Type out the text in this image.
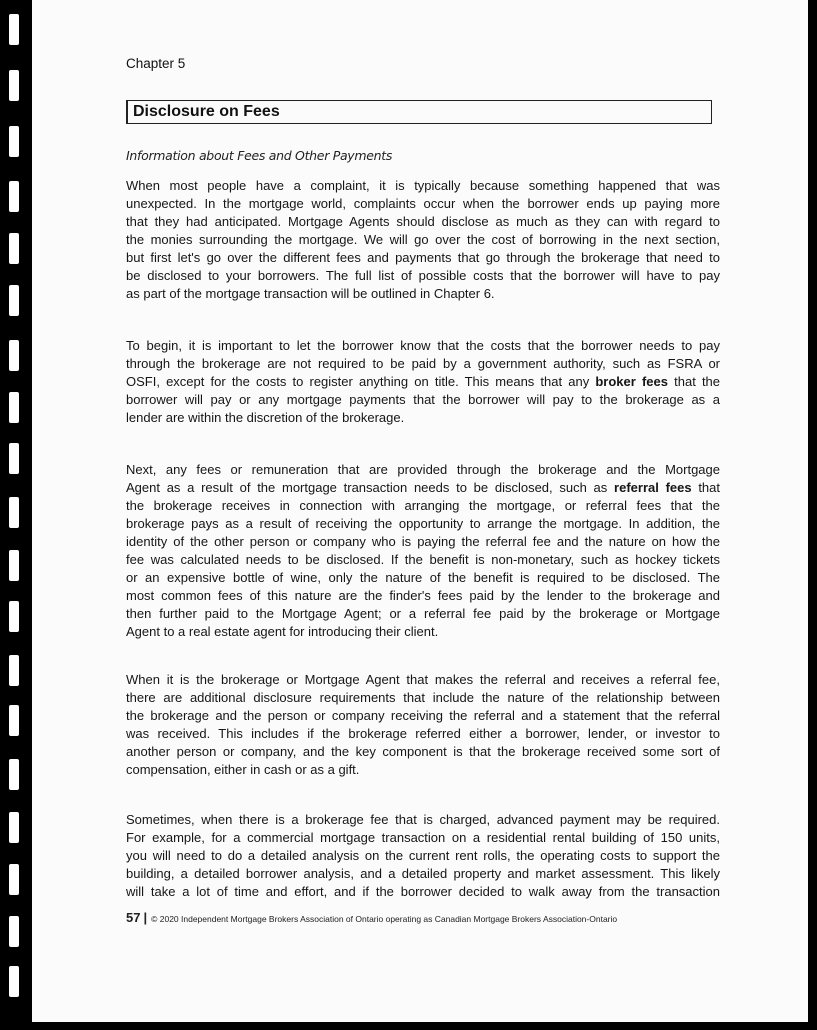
Chapter 5
Disclosure on Fees
Information about Fees and Other Payments
When most people have a complaint, it is typically because something happened that was
unexpected. In the mortgage world, complaints occur when the borrower ends up paying more
that they had anticipated. Mortgage Agents should disclose as much as they can with regard to
the monies surrounding the mortgage. We will go over the cost of borrowing in the next section,
but first let's go over the different fees and payments that go through the brokerage that need to
be disclosed to your borrowers. The full list of possible costs that the borrower will have to pay
as part of the mortgage transaction will be outlined in Chapter 6.
To begin, it is important to let the borrower know that the costs that the borrower needs to pay
through the brokerage are not required to be paid by a government authority, such as FSRA or
OSFI, except for the costs to register anything on title. This means that any broker fees that the
borrower will pay or any mortgage payments that the borrower will pay to the brokerage as a
lender are within the discretion of the brokerage.
Next, any fees or remuneration that are provided through the brokerage and the Mortgage
Agent as a result of the mortgage transaction needs to be disclosed, such as referral fees that
the brokerage receives in connection with arranging the mortgage, or referral fees that the
brokerage pays as a result of receiving the opportunity to arrange the mortgage. In addition, the
identity of the other person or company who is paying the referral fee and the nature on how the
fee was calculated needs to be disclosed. If the benefit is non-monetary, such as hockey tickets
or an expensive bottle of wine, only the nature of the benefit is required to be disclosed. The
most common fees of this nature are the finder's fees paid by the lender to the brokerage and
then further paid to the Mortgage Agent; or a referral fee paid by the brokerage or Mortgage
Agent to a real estate agent for introducing their client.
When it is the brokerage or Mortgage Agent that makes the referral and receives a referral fee,
there are additional disclosure requirements that include the nature of the relationship between
the brokerage and the person or company receiving the referral and a statement that the referral
was received. This includes if the brokerage referred either a borrower, lender, or investor to
another person or company, and the key component is that the brokerage received some sort of
compensation, either in cash or as a gift.
Sometimes, when there is a brokerage fee that is charged, advanced payment may be required.
For example, for a commercial mortgage transaction on a residential rental building of 150 units,
you will need to do a detailed analysis on the current rent rolls, the operating costs to support the
building, a detailed borrower analysis, and a detailed property and market assessment. This likely
will take a lot of time and effort, and if the borrower decided to walk away from the transaction
57 | © 2020 Independent Mortgage Brokers Association of Ontario operating as Canadian Mortgage Brokers Association-Ontario
